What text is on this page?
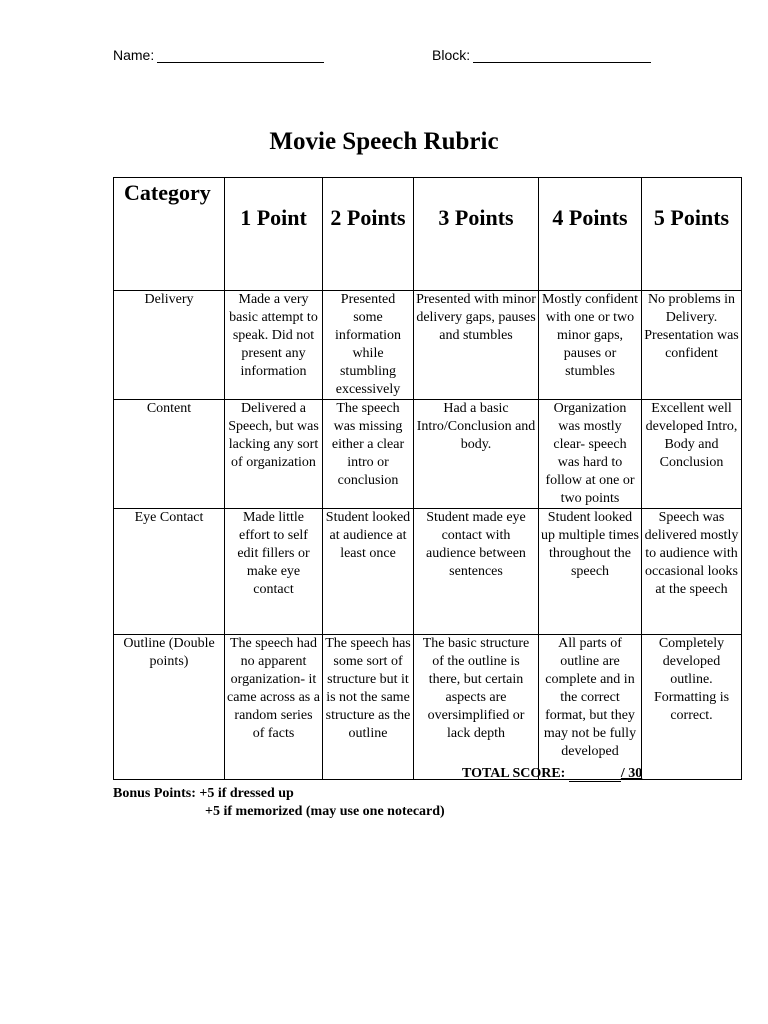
Name:	Block:
Movie Speech Rubric
Category	1 Point	2 Points	3 Points	4 Points	5 Points
Delivery	Made a very basic attempt to speak. Did not present any information	Presented some information while stumbling excessively	Presented with minor delivery gaps, pauses and stumbles	Mostly confident with one or two minor gaps, pauses or stumbles	No problems in Delivery. Presentation was confident
Content	Delivered a Speech, but was lacking any sort of organization	The speech was missing either a clear intro or conclusion	Had a basic Intro/Conclusion and body.	Organization was mostly clear- speech was hard to follow at one or two points	Excellent well developed Intro, Body and Conclusion
Eye Contact	Made little effort to self edit fillers or make eye contact	Student looked at audience at least once	Student made eye contact with audience between sentences	Student looked up multiple times throughout the speech	Speech was delivered mostly to audience with occasional looks at the speech
Outline (Double points)	The speech had no apparent organization- it came across as a random series of facts	The speech has some sort of structure but it is not the same structure as the outline	The basic structure of the outline is there, but certain aspects are oversimplified or lack depth	All parts of outline are complete and in the correct format, but they may not be fully developed	Completely developed outline. Formatting is correct.
TOTAL SCORE:	/ 30
Bonus Points: +5 if dressed up
+5 if memorized (may use one notecard)
